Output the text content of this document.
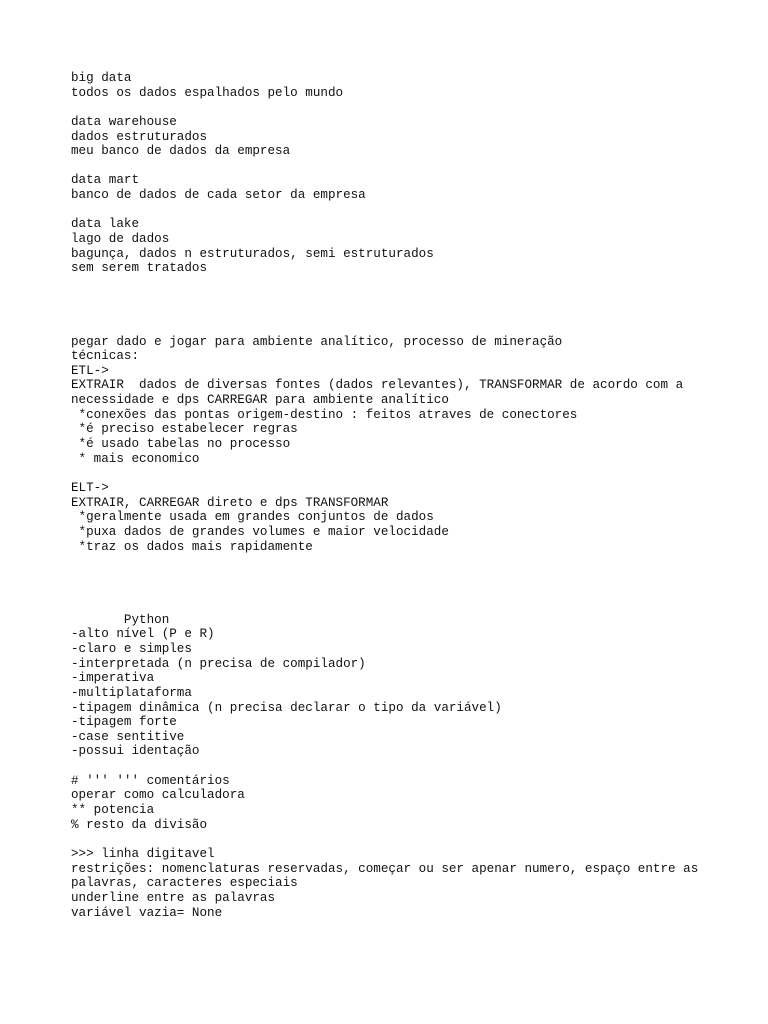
big data
todos os dados espalhados pelo mundo
data warehouse
dados estruturados
meu banco de dados da empresa
data mart
banco de dados de cada setor da empresa
data lake
lago de dados
bagunça, dados n estruturados, semi estruturados
sem serem tratados
pegar dado e jogar para ambiente analítico, processo de mineração
técnicas:
ETL->
EXTRAIR  dados de diversas fontes (dados relevantes), TRANSFORMAR de acordo com a
necessidade e dps CARREGAR para ambiente analítico
*conexões das pontas origem-destino : feitos atraves de conectores
*é preciso estabelecer regras
*é usado tabelas no processo
* mais economico
ELT->
EXTRAIR, CARREGAR direto e dps TRANSFORMAR
*geralmente usada em grandes conjuntos de dados
*puxa dados de grandes volumes e maior velocidade
*traz os dados mais rapidamente
Python
-alto nível (P e R)
-claro e simples
-interpretada (n precisa de compilador)
-imperativa
-multiplataforma
-tipagem dinâmica (n precisa declarar o tipo da variável)
-tipagem forte
-case sentitive
-possui identação
# ''' ''' comentários
operar como calculadora
** potencia
% resto da divisão
>>> linha digitavel
restrições: nomenclaturas reservadas, começar ou ser apenar numero, espaço entre as
palavras, caracteres especiais
underline entre as palavras
variável vazia= None
